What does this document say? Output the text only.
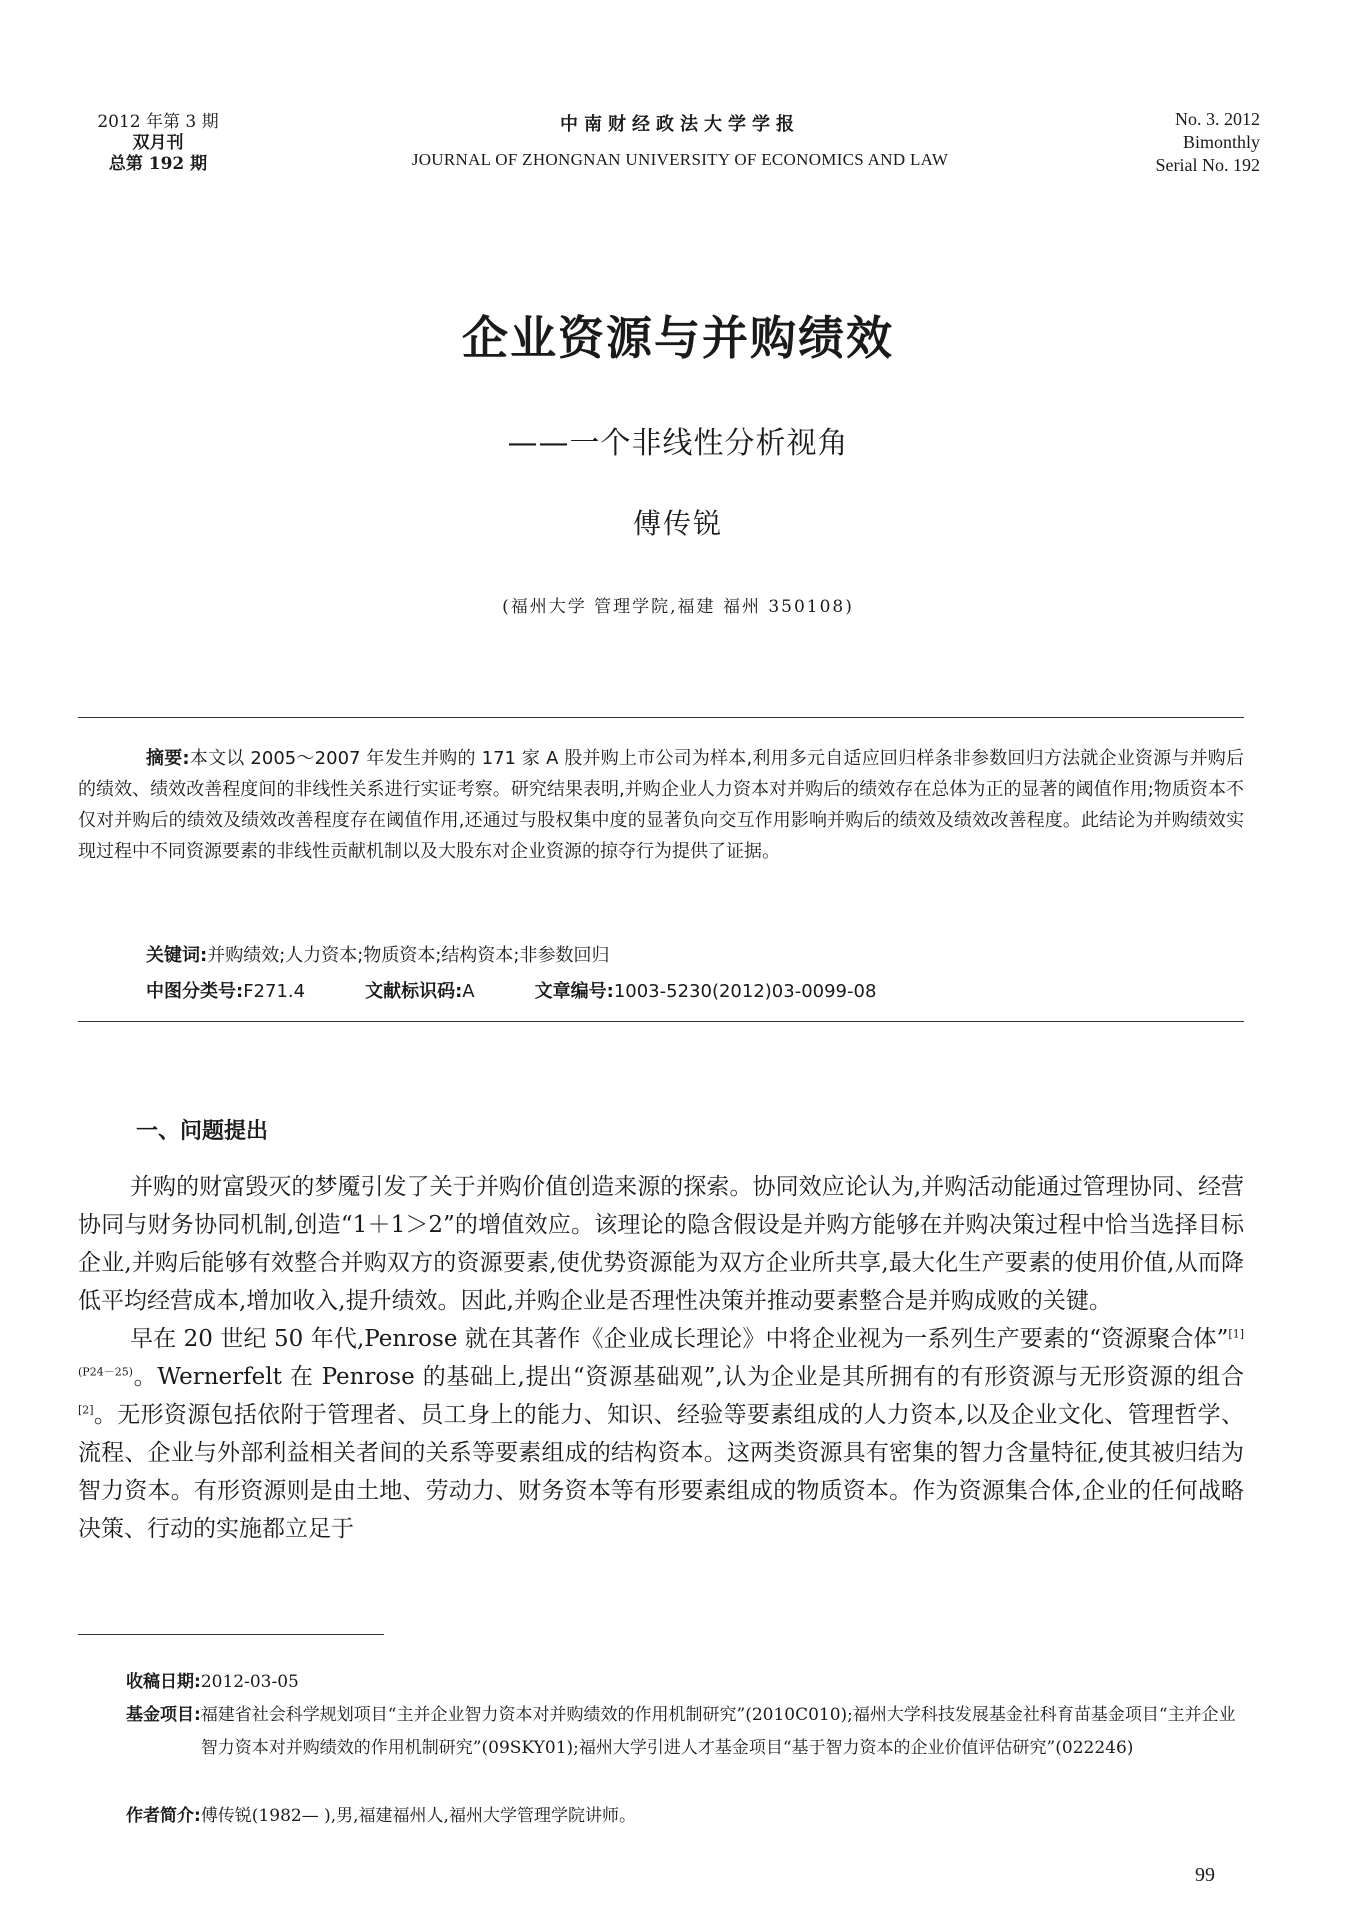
2012 年第 3 期
双月刊
总第 192 期
中南财经政法大学学报
JOURNAL OF ZHONGNAN UNIVERSITY OF ECONOMICS AND LAW
No. 3. 2012
Bimonthly
Serial No. 192
企业资源与并购绩效
——一个非线性分析视角
傅传锐
(福州大学 管理学院,福建 福州 350108)

摘要:本文以 2005～2007 年发生并购的 171 家 A 股并购上市公司为样本,利用多元自适应回归样条非参数回归方法就企业资源与并购后的绩效、绩效改善程度间的非线性关系进行实证考察。研究结果表明,并购企业人力资本对并购后的绩效存在总体为正的显著的阈值作用;物质资本不仅对并购后的绩效及绩效改善程度存在阈值作用,还通过与股权集中度的显著负向交互作用影响并购后的绩效及绩效改善程度。此结论为并购绩效实现过程中不同资源要素的非线性贡献机制以及大股东对企业资源的掠夺行为提供了证据。

关键词:并购绩效;人力资本;物质资本;结构资本;非参数回归
中图分类号:F271.4	文献标识码:A	文章编号:1003-5230(2012)03-0099-08
一、问题提出

并购的财富毁灭的梦魇引发了关于并购价值创造来源的探索。协同效应论认为,并购活动能通过管理协同、经营协同与财务协同机制,创造“1＋1＞2”的增值效应。该理论的隐含假设是并购方能够在并购决策过程中恰当选择目标企业,并购后能够有效整合并购双方的资源要素,使优势资源能为双方企业所共享,最大化生产要素的使用价值,从而降低平均经营成本,增加收入,提升绩效。因此,并购企业是否理性决策并推动要素整合是并购成败的关键。

早在 20 世纪 50 年代,Penrose 就在其著作《企业成长理论》中将企业视为一系列生产要素的“资源聚合体”$^{[1](P24-25)}$。Wernerfelt 在 Penrose 的基础上,提出“资源基础观”,认为企业是其所拥有的有形资源与无形资源的组合[2]。无形资源包括依附于管理者、员工身上的能力、知识、经验等要素组成的人力资本,以及企业文化、管理哲学、流程、企业与外部利益相关者间的关系等要素组成的结构资本。这两类资源具有密集的智力含量特征,使其被归结为智力资本。有形资源则是由土地、劳动力、财务资本等有形要素组成的物质资本。作为资源集合体,企业的任何战略决策、行动的实施都立足于

收稿日期:2012-03-05
基金项目: 福建省社会科学规划项目“主并企业智力资本对并购绩效的作用机制研究”(2010C010);福州大学科技发展基金社科育苗基金项目“主并企业智力资本对并购绩效的作用机制研究”(09SKY01);福州大学引进人才基金项目“基于智力资本的企业价值评估研究”(022246)
作者简介:傅传锐(1982— ),男,福建福州人,福州大学管理学院讲师。
99
